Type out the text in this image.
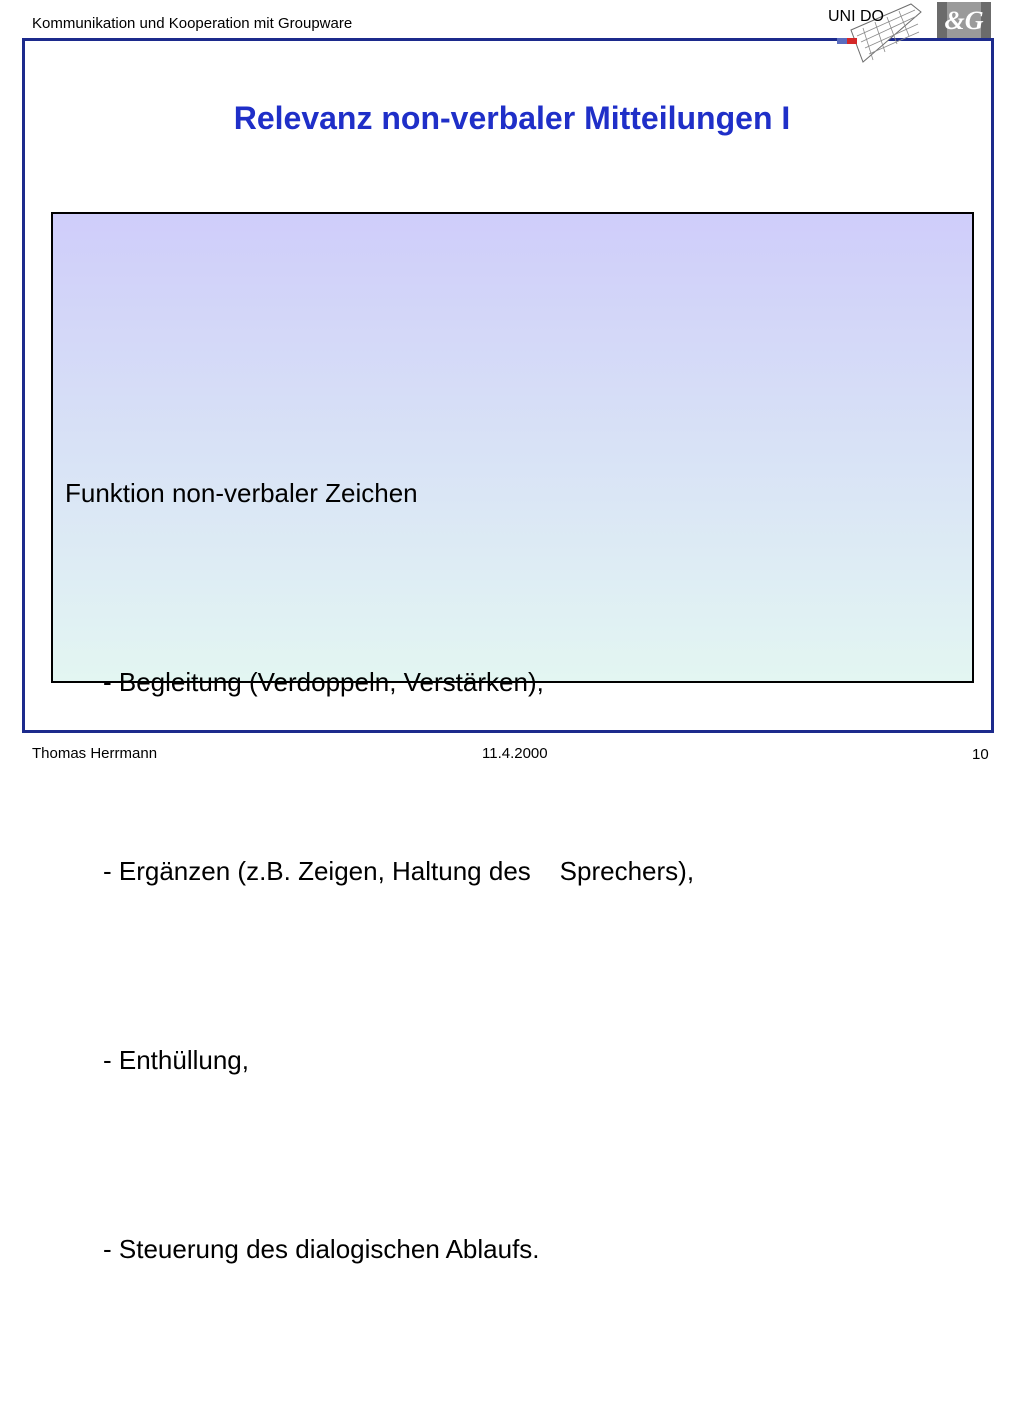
Kommunikation und Kooperation mit Groupware	UNI DO &G
Relevanz non-verbaler Mitteilungen I

Funktion non-verbaler Zeichen

- Begleitung (Verdoppeln, Verstärken),

- Ergänzen (z.B. Zeigen, Haltung des    Sprechers),

- Enthüllung,

- Steuerung des dialogischen Ablaufs.

Thomas Herrmann	11.4.2000	10
